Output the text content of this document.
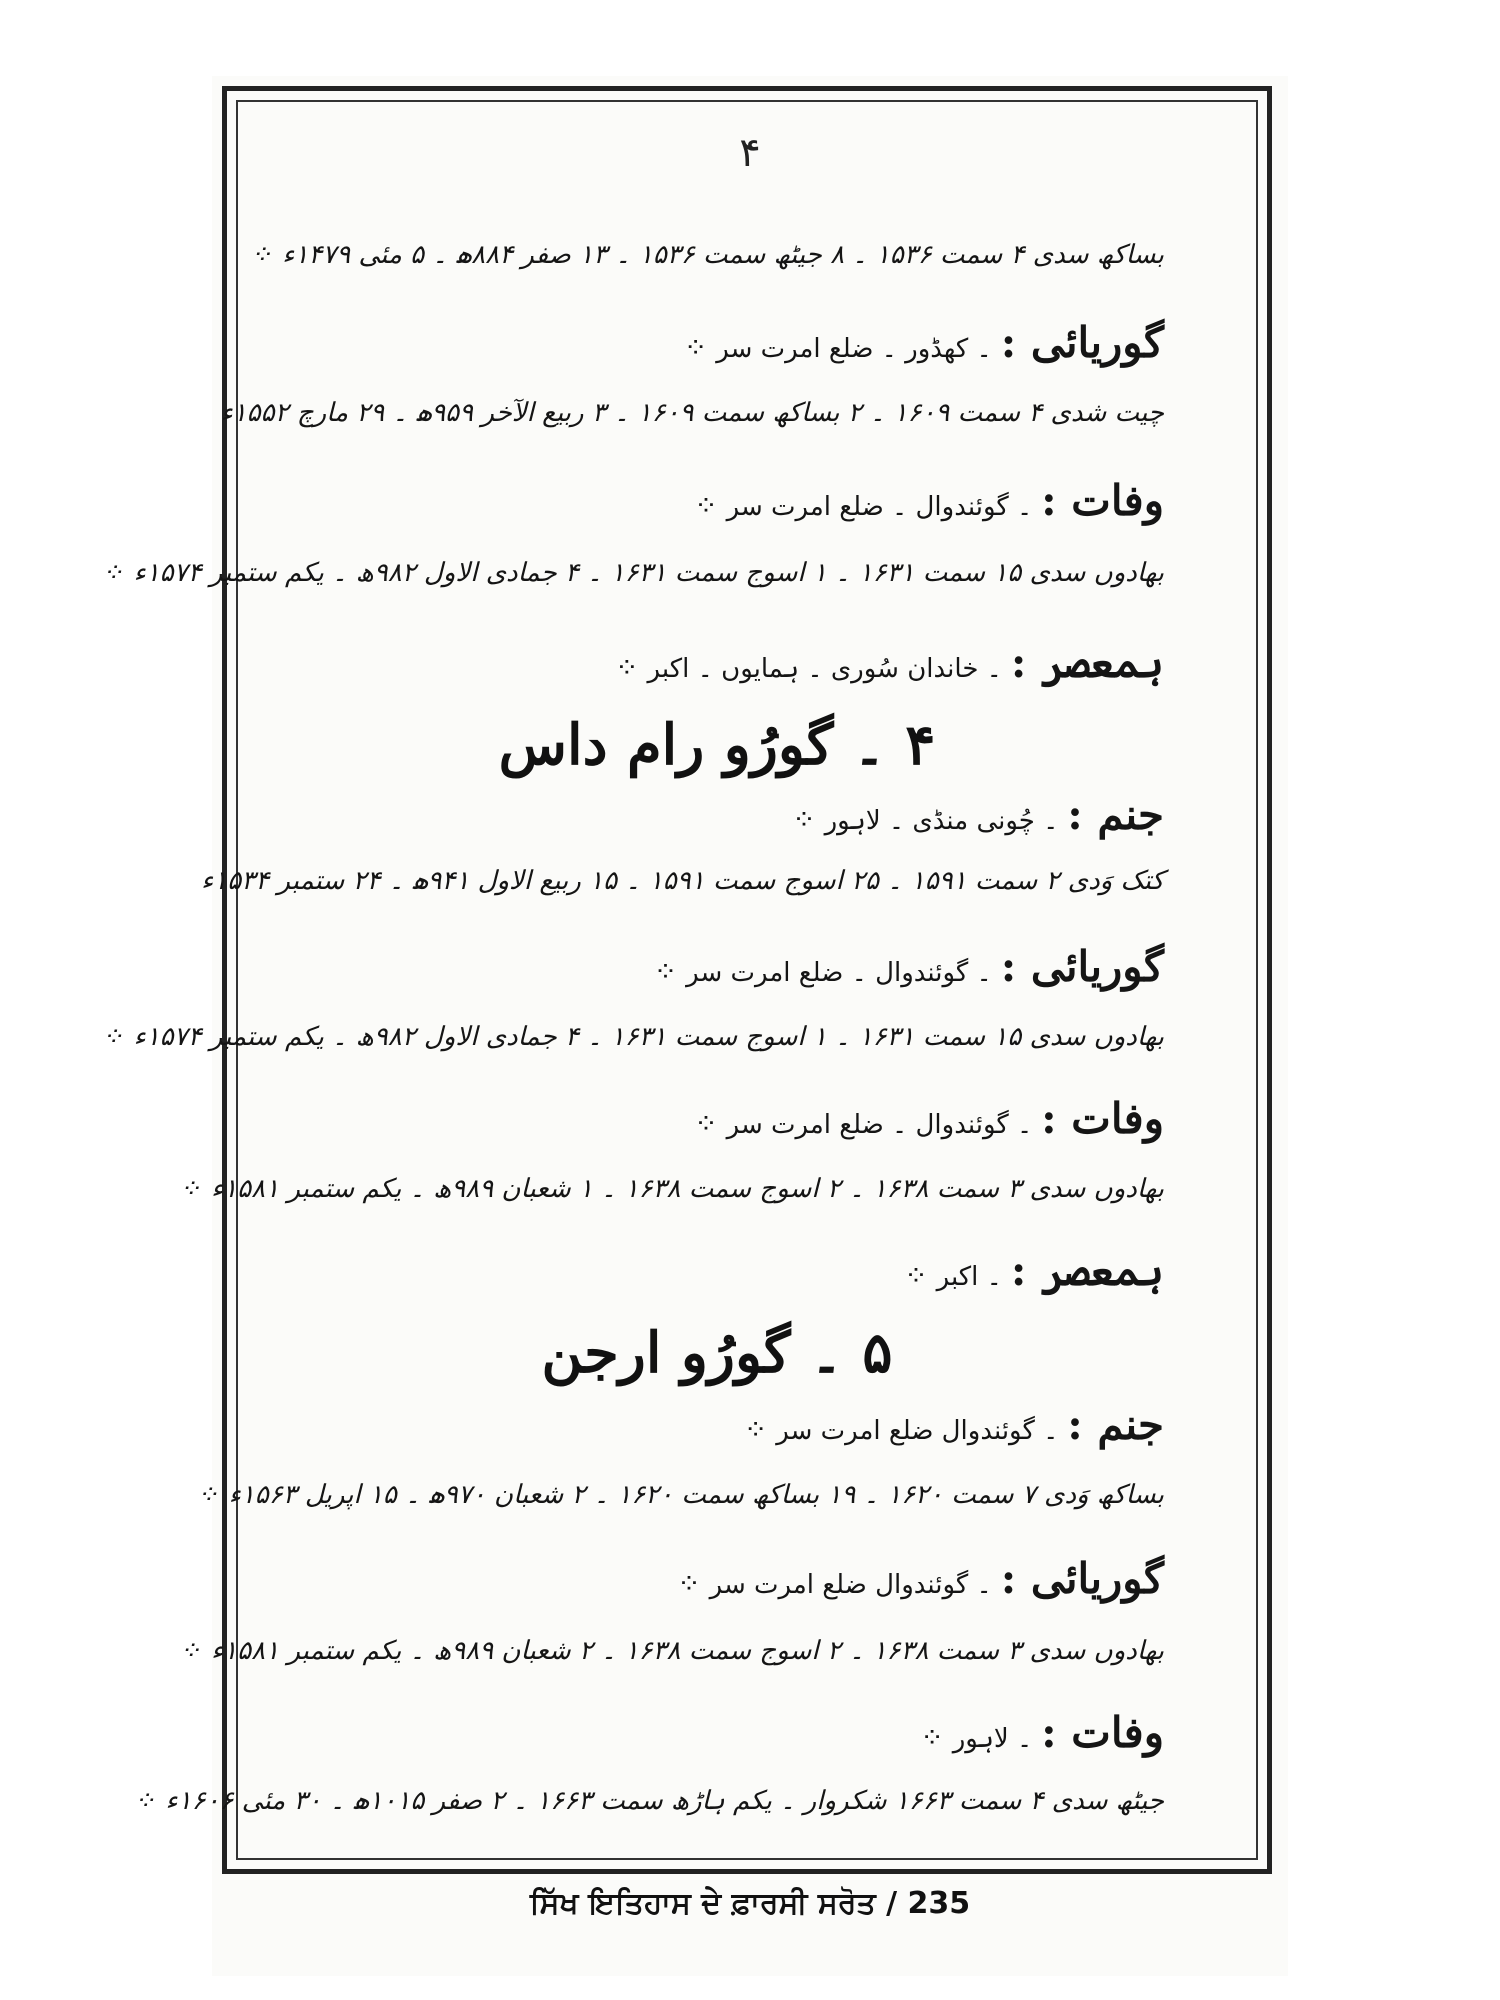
۴
بساکھ سدی ۴ سمت ۱۵۳۶ ۔ ۸ جیٹھ سمت ۱۵۳۶ ۔ ۱۳ صفر ۸۸۴ھ ۔ ۵ مئی ۱۴۷۹ء ⁘
گوریائی : ۔ کھڈور ۔ ضلع امرت سر ⁘
چیت شدی ۴ سمت ۱۶۰۹ ۔ ۲ بساکھ سمت ۱۶۰۹ ۔ ۳ ربیع الآخر ۹۵۹ھ ۔ ۲۹ مارچ ۱۵۵۲ء
وفات : ۔ گوئندوال ۔ ضلع امرت سر ⁘
بھادوں سدی ۱۵ سمت ۱۶۳۱ ۔ ۱ اسوج سمت ۱۶۳۱ ۔ ۴ جمادی الاول ۹۸۲ھ ۔ یکم ستمبر ۱۵۷۴ء ⁘
ہمعصر : ۔ خاندان سُوری ۔ ہمایوں ۔ اکبر ⁘
۴ ۔ گورُو رام داس
جنم : ۔ چُونی منڈی ۔ لاہور ⁘
کتک وَدی ۲ سمت ۱۵۹۱ ۔ ۲۵ اسوج سمت ۱۵۹۱ ۔ ۱۵ ربیع الاول ۹۴۱ھ ۔ ۲۴ ستمبر ۱۵۳۴ء
گوریائی : ۔ گوئندوال ۔ ضلع امرت سر ⁘
بھادوں سدی ۱۵ سمت ۱۶۳۱ ۔ ۱ اسوج سمت ۱۶۳۱ ۔ ۴ جمادی الاول ۹۸۲ھ ۔ یکم ستمبر ۱۵۷۴ء ⁘
وفات : ۔ گوئندوال ۔ ضلع امرت سر ⁘
بھادوں سدی ۳ سمت ۱۶۳۸ ۔ ۲ اسوج سمت ۱۶۳۸ ۔ ۱ شعبان ۹۸۹ھ ۔ یکم ستمبر ۱۵۸۱ء ⁘
ہمعصر : ۔ اکبر ⁘
۵ ۔ گورُو ارجن
جنم : ۔ گوئندوال ضلع امرت سر ⁘
بساکھ وَدی ۷ سمت ۱۶۲۰ ۔ ۱۹ بساکھ سمت ۱۶۲۰ ۔ ۲ شعبان ۹۷۰ھ ۔ ۱۵ اپریل ۱۵۶۳ء ⁘
گوریائی : ۔ گوئندوال ضلع امرت سر ⁘
بھادوں سدی ۳ سمت ۱۶۳۸ ۔ ۲ اسوج سمت ۱۶۳۸ ۔ ۲ شعبان ۹۸۹ھ ۔ یکم ستمبر ۱۵۸۱ء ⁘
وفات : ۔ لاہور ⁘
جیٹھ سدی ۴ سمت ۱۶۶۳ شکروار ۔ یکم ہاڑھ سمت ۱۶۶۳ ۔ ۲ صفر ۱۰۱۵ھ ۔ ۳۰ مئی ۱۶۰۶ء ⁘
ਸਿੱਖ ਇਤਿਹਾਸ ਦੇ ਫ਼ਾਰਸੀ ਸਰੋਤ / 235
